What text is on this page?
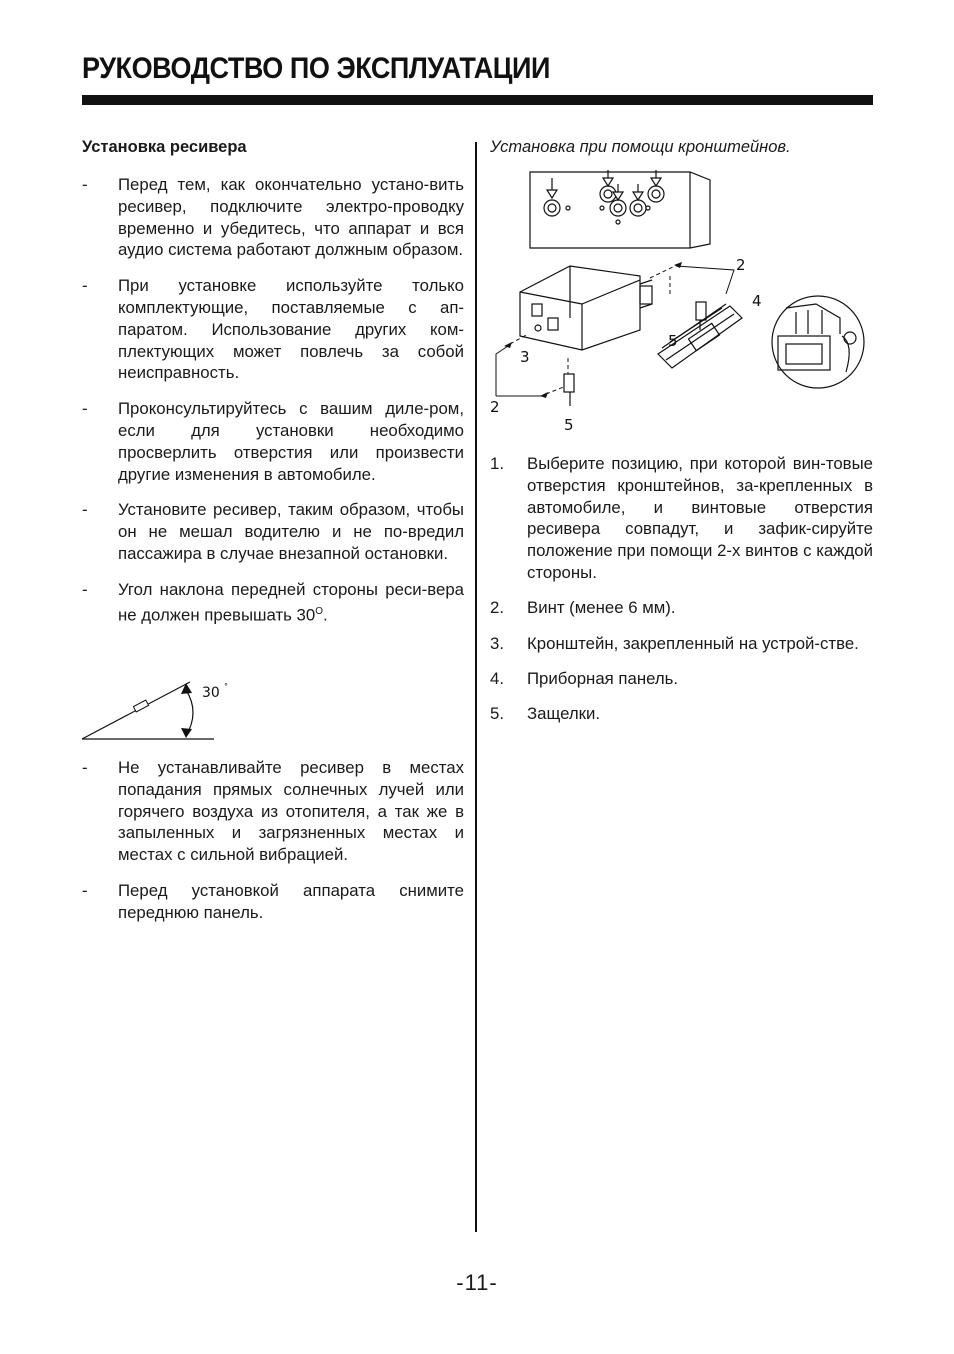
РУКОВОДСТВО ПО ЭКСПЛУАТАЦИИ
Установка ресивера
- Перед тем, как окончательно устано-вить ресивер, подключите электро-проводку временно и убедитесь, что аппарат и вся аудио система работают должным образом.
- При установке используйте только комплектующие, поставляемые с ап-паратом. Использование других ком-плектующих может повлечь за собой неисправность.
- Проконсультируйтесь с вашим диле-ром, если для установки необходимо просверлить отверстия или произвести другие изменения в автомобиле.
- Установите ресивер, таким образом, чтобы он не мешал водителю и не по-вредил пассажира в случае внезапной остановки.
- Угол наклона передней стороны реси-вера не должен превышать $30^O$.
30 °
- Не устанавливайте ресивер в местах попадания прямых солнечных лучей или горячего воздуха из отопителя, а так же в запыленных и загрязненных местах и местах с сильной вибрацией.
- Перед установкой аппарата снимите переднюю панель.

Установка при помощи кронштейнов.

2
4
5
3
2
5
1. Выберите позицию, при которой вин-товые отверстия кронштейнов, за-крепленных в автомобиле, и винтовые отверстия ресивера совпадут, и зафик-сируйте положение при помощи 2-х винтов с каждой стороны.
2. Винт (менее 6 мм).
3. Кронштейн, закрепленный на устрой-стве.
4. Приборная панель.
5. Защелки.
-11-
